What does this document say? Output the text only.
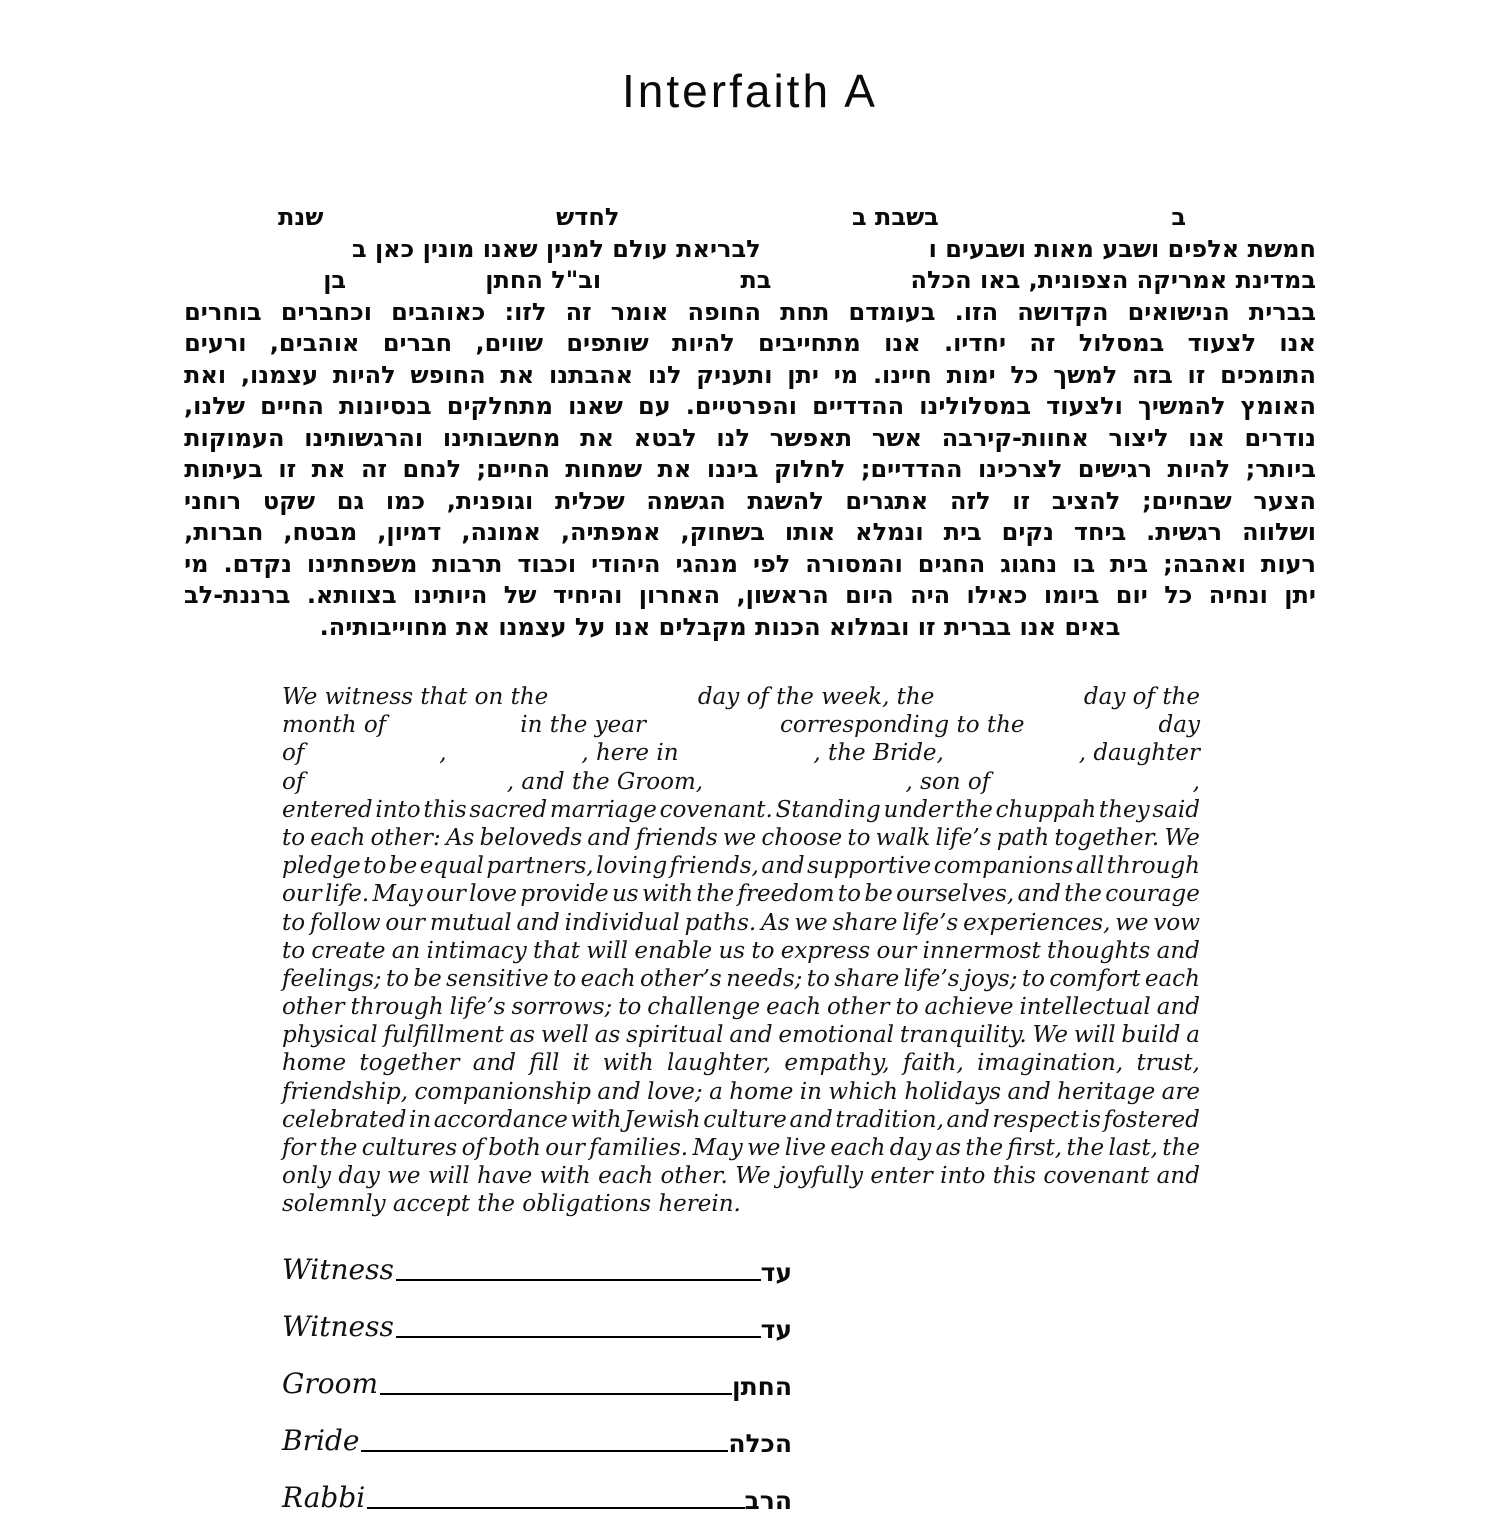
Interfaith A
ב
בשבת ב
לחדש
שנת
חמשת אלפים ושבע מאות ושבעים ו
לבריאת עולם למנין שאנו מונין כאן ב
במדינת אמריקה הצפונית, באו הכלה
בת
וב"ל החתן
בן
בברית
הנישואים
הקדושה
הזו.
בעומדם
תחת
החופה
אומר
זה
לזו:
כאוהבים
וכחברים
בוחרים
אנו
לצעוד
במסלול
זה
יחדיו.
אנו
מתחייבים
להיות
שותפים
שווים,
חברים
אוהבים,
ורעים
התומכים
זו
בזה
למשך
כל
ימות
חיינו.
מי
יתן
ותעניק
לנו
אהבתנו
את
החופש
להיות
עצמנו,
ואת
האומץ
להמשיך
ולצעוד
במסלולינו
ההדדיים
והפרטיים.
עם
שאנו
מתחלקים
בנסיונות
החיים
שלנו,
נודרים
אנו
ליצור
אחוות-קירבה
אשר
תאפשר
לנו
לבטא
את
מחשבותינו
והרגשותינו
העמוקות
ביותר;
להיות
רגישים
לצרכינו
ההדדיים;
לחלוק
ביננו
את
שמחות
החיים;
לנחם
זה
את
זו
בעיתות
הצער
שבחיים;
להציב
זו
לזה
אתגרים
להשגת
הגשמה
שכלית
וגופנית,
כמו
גם
שקט
רוחני
ושלווה
רגשית.
ביחד
נקים
בית
ונמלא
אותו
בשחוק,
אמפתיה,
אמונה,
דמיון,
מבטח,
חברות,
רעות
ואהבה;
בית
בו
נחגוג
החגים
והמסורה
לפי
מנהגי
היהודי
וכבוד
תרבות
משפחתינו
נקדם.
מי
יתן
ונחיה
כל
יום
ביומו
כאילו
היה
היום
הראשון,
האחרון
והיחיד
של
היותינו
בצוותא.
ברננת-לב
באים אנו בברית זו ובמלוא הכנות מקבלים אנו על עצמנו את מחוייבותיה.
We witness that on the	day of the week, the	day of the
month of	in the year	corresponding to the	day
of	,	, here in	, the Bride,	, daughter
of	, and the Groom,	, son of	,
entered into this sacred marriage covenant. Standing under the chuppah they said
to each other: As beloveds and friends we choose to walk life’s path together. We
pledge to be equal partners, loving friends, and supportive companions all through
our life. May our love provide us with the freedom to be ourselves, and the courage
to follow our mutual and individual paths. As we share life’s experiences, we vow
to create an intimacy that will enable us to express our innermost thoughts and
feelings; to be sensitive to each other’s needs; to share life’s joys; to comfort each
other through life’s sorrows; to challenge each other to achieve intellectual and
physical fulfillment as well as spiritual and emotional tranquility. We will build a
home together and fill it with laughter, empathy, faith, imagination, trust,
friendship, companionship and love; a home in which holidays and heritage are
celebrated in accordance with Jewish culture and tradition, and respect is fostered
for the cultures of both our families. May we live each day as the first, the last, the
only day we will have with each other. We joyfully enter into this covenant and
solemnly accept the obligations herein.
Witness	עד
Witness	עד
Groom	החתן
Bride	הכלה
Rabbi	הרב
